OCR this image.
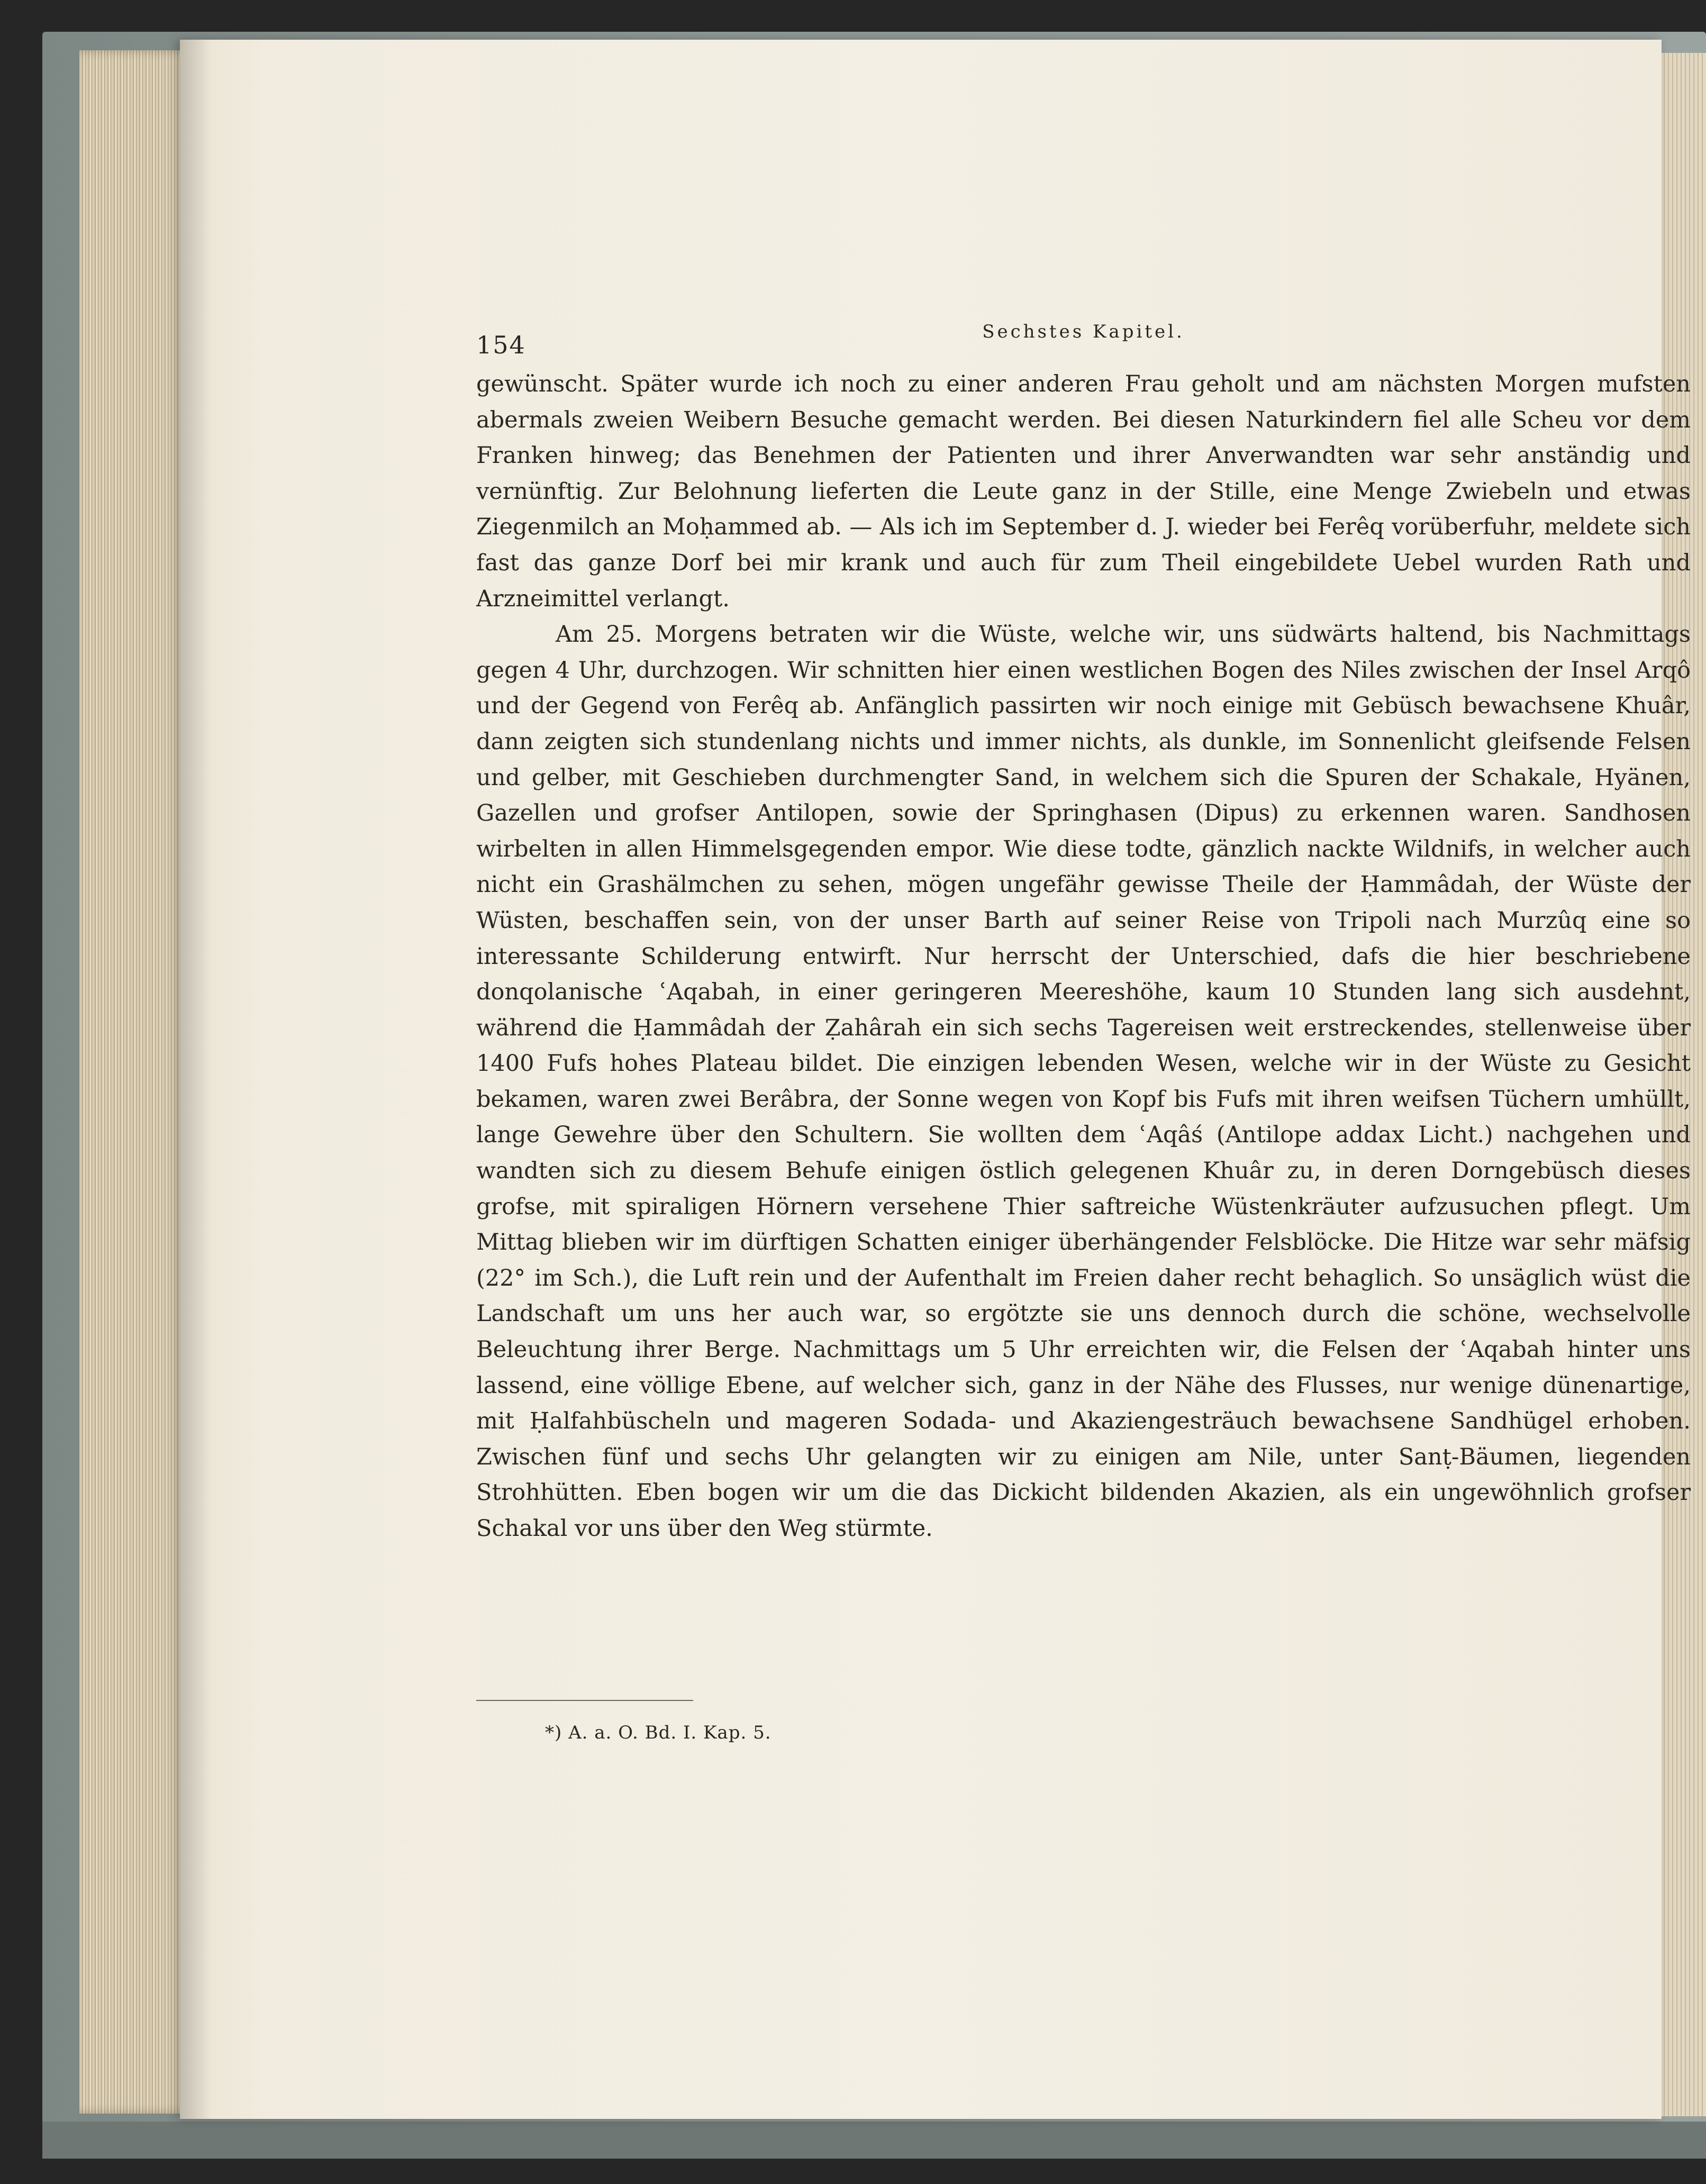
154	Sechstes Kapitel.

gewünscht. Später wurde ich noch zu einer anderen Frau geholt und am nächsten Morgen mufsten abermals zweien Weibern Besuche gemacht werden. Bei diesen Naturkindern fiel alle Scheu vor dem Franken hinweg; das Benehmen der Patienten und ihrer Anverwandten war sehr anständig und vernünftig. Zur Belohnung lieferten die Leute ganz in der Stille, eine Menge Zwiebeln und etwas Ziegenmilch an Moḥammed ab. — Als ich im September d. J. wieder bei Ferêq vorüberfuhr, meldete sich fast das ganze Dorf bei mir krank und auch für zum Theil eingebildete Uebel wurden Rath und Arzneimittel verlangt.

Am 25. Morgens betraten wir die Wüste, welche wir, uns südwärts haltend, bis Nachmittags gegen 4 Uhr, durchzogen. Wir schnitten hier einen westlichen Bogen des Niles zwischen der Insel Arqô und der Gegend von Ferêq ab. Anfänglich passirten wir noch einige mit Gebüsch bewachsene Khuâr, dann zeigten sich stundenlang nichts und immer nichts, als dunkle, im Sonnenlicht gleifsende Felsen und gelber, mit Geschieben durchmengter Sand, in welchem sich die Spuren der Schakale, Hyänen, Gazellen und grofser Antilopen, sowie der Springhasen (Dipus) zu erkennen waren. Sandhosen wirbelten in allen Himmelsgegenden empor. Wie diese todte, gänzlich nackte Wildnifs, in welcher auch nicht ein Grashälmchen zu sehen, mögen ungefähr gewisse Theile der Ḥammâdah, der Wüste der Wüsten, beschaffen sein, von der unser Barth auf seiner Reise von Tripoli nach Murzûq eine so interessante Schilderung entwirft. Nur herrscht der Unterschied, dafs die hier beschriebene donqolanische ʿAqabah, in einer geringeren Meereshöhe, kaum 10 Stunden lang sich ausdehnt, während die Ḥammâdah der Ẓahârah ein sich sechs Tagereisen weit erstreckendes, stellenweise über 1400 Fufs hohes Plateau bildet. Die einzigen lebenden Wesen, welche wir in der Wüste zu Gesicht bekamen, waren zwei Berâbra, der Sonne wegen von Kopf bis Fufs mit ihren weifsen Tüchern umhüllt, lange Gewehre über den Schultern. Sie wollten dem ʿAqâś (Antilope addax Licht.) nachgehen und wandten sich zu diesem Behufe einigen östlich gelegenen Khuâr zu, in deren Dorngebüsch dieses grofse, mit spiraligen Hörnern versehene Thier saftreiche Wüstenkräuter aufzusuchen pflegt. Um Mittag blieben wir im dürftigen Schatten einiger überhängender Felsblöcke. Die Hitze war sehr mäfsig (22° im Sch.), die Luft rein und der Aufenthalt im Freien daher recht behaglich. So unsäglich wüst die Landschaft um uns her auch war, so ergötzte sie uns dennoch durch die schöne, wechselvolle Beleuchtung ihrer Berge. Nachmittags um 5 Uhr erreichten wir, die Felsen der ʿAqabah hinter uns lassend, eine völlige Ebene, auf welcher sich, ganz in der Nähe des Flusses, nur wenige dünenartige, mit Ḥalfahbüscheln und mageren Sodada- und Akaziengesträuch bewachsene Sandhügel erhoben. Zwischen fünf und sechs Uhr gelangten wir zu einigen am Nile, unter Sanṭ-Bäumen, liegenden Strohhütten. Eben bogen wir um die das Dickicht bildenden Akazien, als ein ungewöhnlich grofser Schakal vor uns über den Weg stürmte.

*) A. a. O. Bd. I. Kap. 5.
